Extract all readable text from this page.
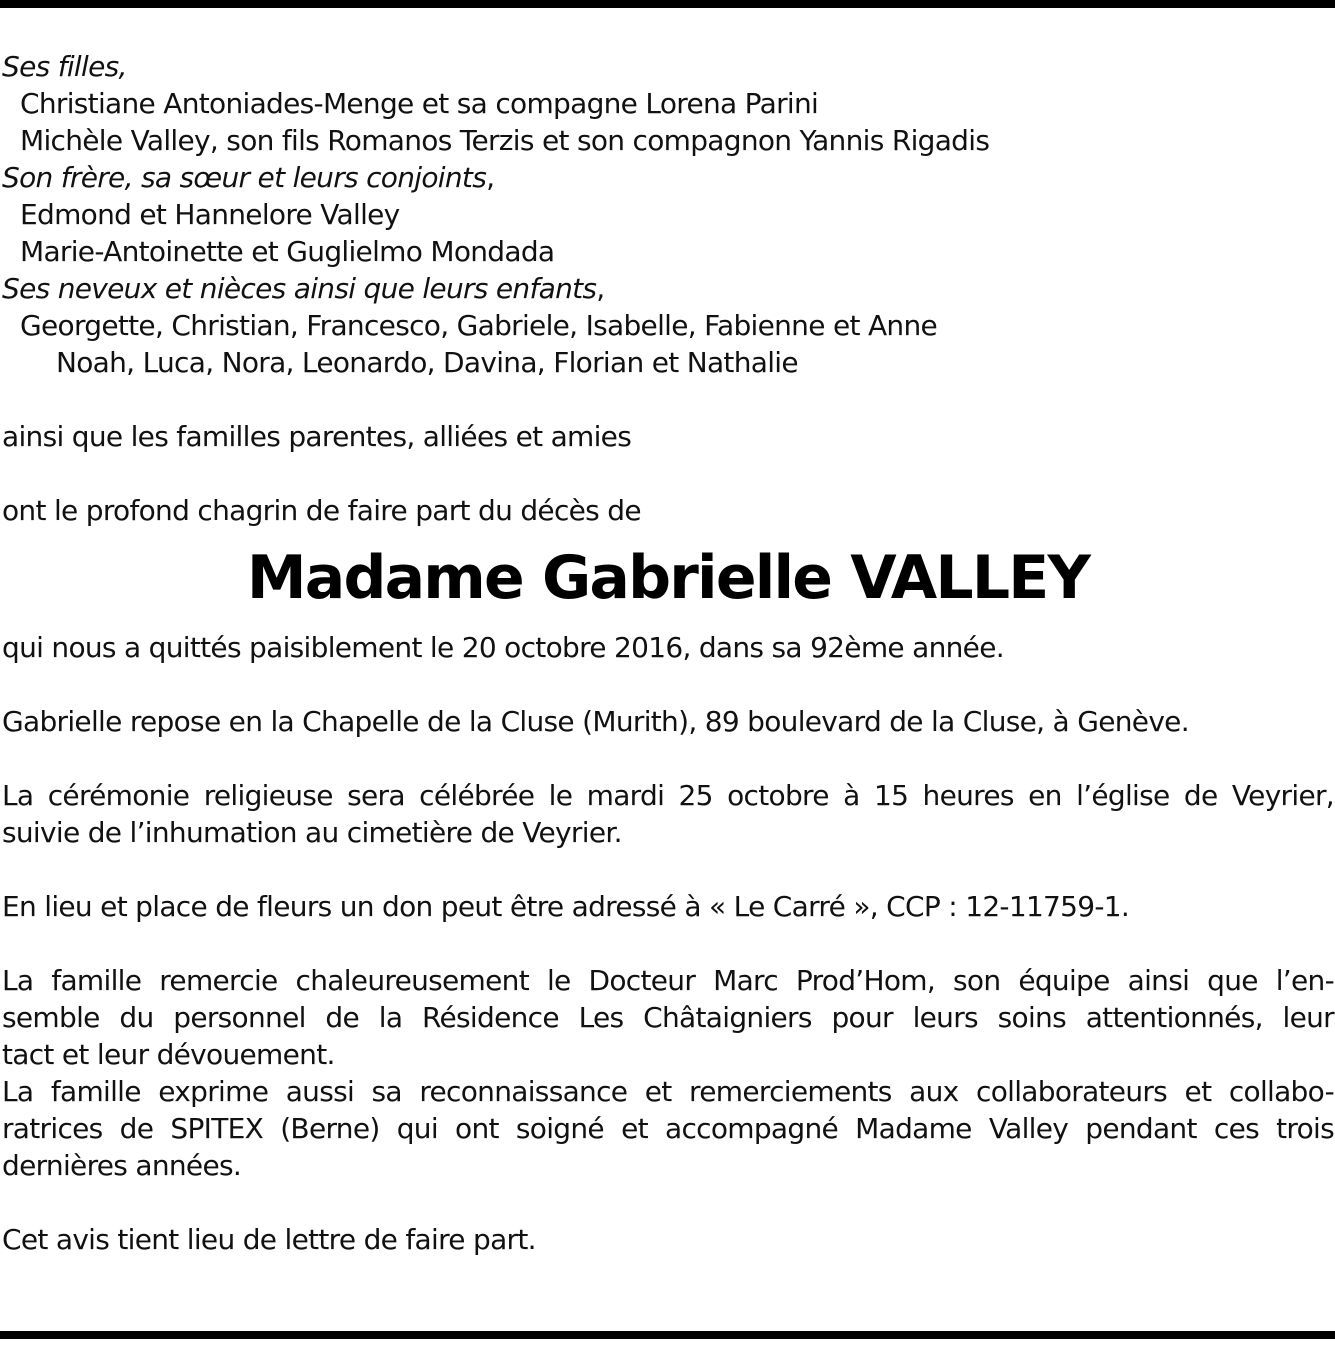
Ses filles,
Christiane Antoniades-Menge et sa compagne Lorena Parini
Michèle Valley, son fils Romanos Terzis et son compagnon Yannis Rigadis
Son frère, sa sœur et leurs conjoints,
Edmond et Hannelore Valley
Marie-Antoinette et Guglielmo Mondada
Ses neveux et nièces ainsi que leurs enfants,
Georgette, Christian, Francesco, Gabriele, Isabelle, Fabienne et Anne
Noah, Luca, Nora, Leonardo, Davina, Florian et Nathalie
ainsi que les familles parentes, alliées et amies
ont le profond chagrin de faire part du décès de
Madame Gabrielle VALLEY
qui nous a quittés paisiblement le 20 octobre 2016, dans sa 92ème année.
Gabrielle repose en la Chapelle de la Cluse (Murith), 89 boulevard de la Cluse, à Genève.
La cérémonie religieuse sera célébrée le mardi 25 octobre à 15 heures en l’église de Veyrier,
suivie de l’inhumation au cimetière de Veyrier.
En lieu et place de fleurs un don peut être adressé à « Le Carré », CCP : 12-11759-1.
La famille remercie chaleureusement le Docteur Marc Prod’Hom, son équipe ainsi que l’en-
semble du personnel de la Résidence Les Châtaigniers pour leurs soins attentionnés, leur
tact et leur dévouement.
La famille exprime aussi sa reconnaissance et remerciements aux collaborateurs et collabo-
ratrices de SPITEX (Berne) qui ont soigné et accompagné Madame Valley pendant ces trois
dernières années.
Cet avis tient lieu de lettre de faire part.
